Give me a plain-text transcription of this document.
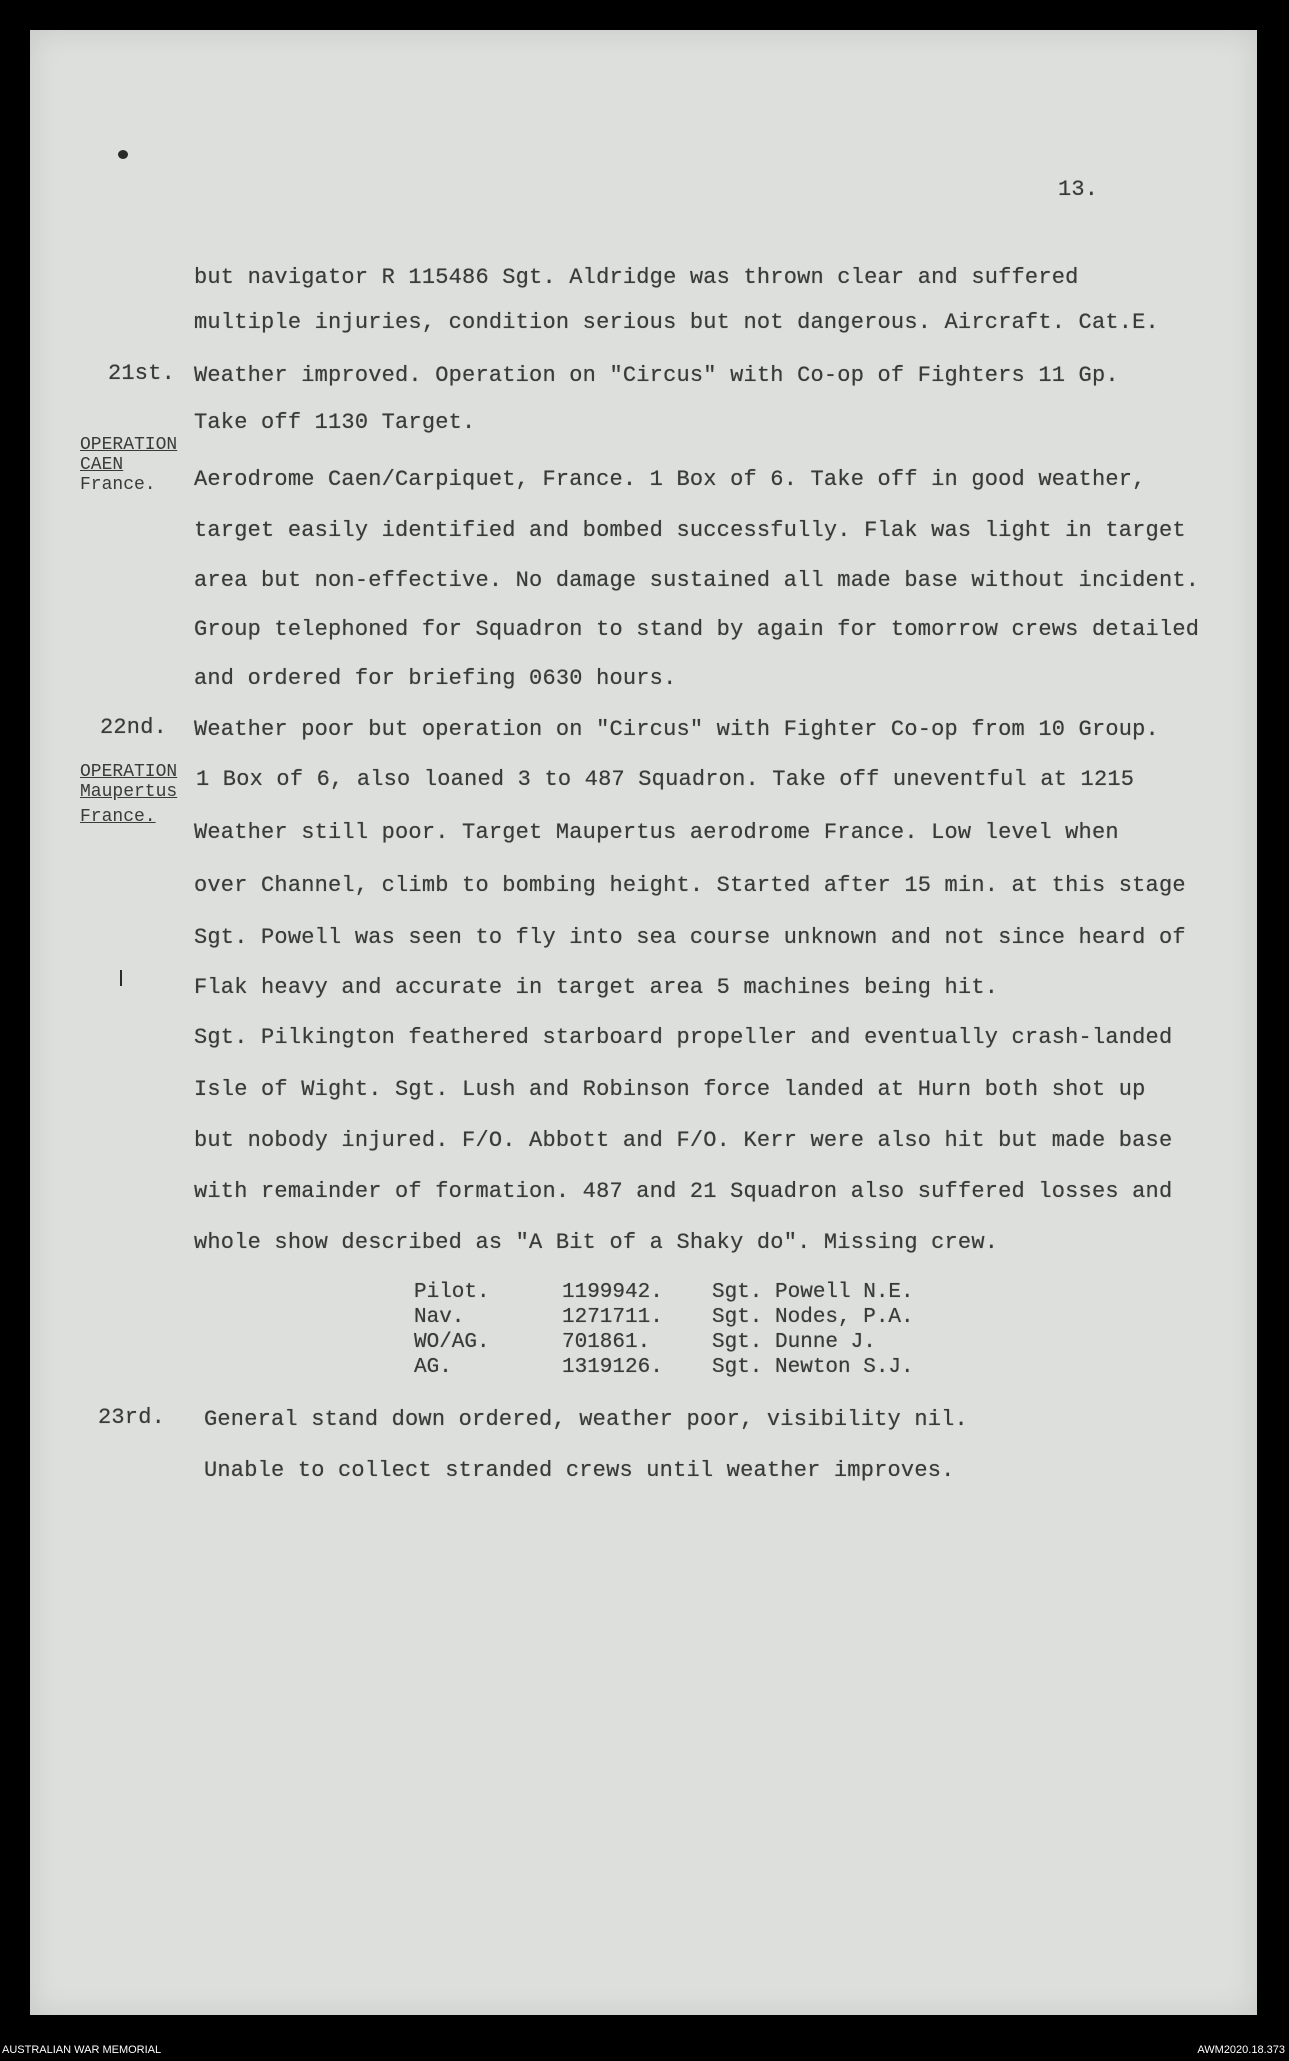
13.
but navigator R 115486 Sgt. Aldridge was thrown clear and suffered
multiple injuries, condition serious but not dangerous. Aircraft. Cat.E.
21st. Weather improved. Operation on "Circus" with Co-op of Fighters 11 Gp.
Take off 1130 Target.
OPERATION
CAEN
France. Aerodrome Caen/Carpiquet, France. 1 Box of 6. Take off in good weather,
target easily identified and bombed successfully. Flak was light in target
area but non-effective. No damage sustained all made base without incident.
Group telephoned for Squadron to stand by again for tomorrow crews detailed
and ordered for briefing 0630 hours.
22nd. Weather poor but operation on "Circus" with Fighter Co-op from 10 Group.
OPERATION
Maupertus
France.
1 Box of 6, also loaned 3 to 487 Squadron. Take off uneventful at 1215
Weather still poor. Target Maupertus aerodrome France. Low level when
over Channel, climb to bombing height. Started after 15 min. at this stage
Sgt. Powell was seen to fly into sea course unknown and not since heard of
Flak heavy and accurate in target area 5 machines being hit.
Sgt. Pilkington feathered starboard propeller and eventually crash-landed
Isle of Wight. Sgt. Lush and Robinson force landed at Hurn both shot up
but nobody injured. F/O. Abbott and F/O. Kerr were also hit but made base
with remainder of formation. 487 and 21 Squadron also suffered losses and
whole show described as "A Bit of a Shaky do". Missing crew.
Pilot.	1199942.	Sgt. Powell N.E.
Nav.	1271711.	Sgt. Nodes, P.A.
WO/AG.	701861.	Sgt. Dunne J.
AG.	1319126.	Sgt. Newton S.J.
23rd. General stand down ordered, weather poor, visibility nil.
Unable to collect stranded crews until weather improves.
AUSTRALIAN WAR MEMORIAL	AWM2020.18.373
